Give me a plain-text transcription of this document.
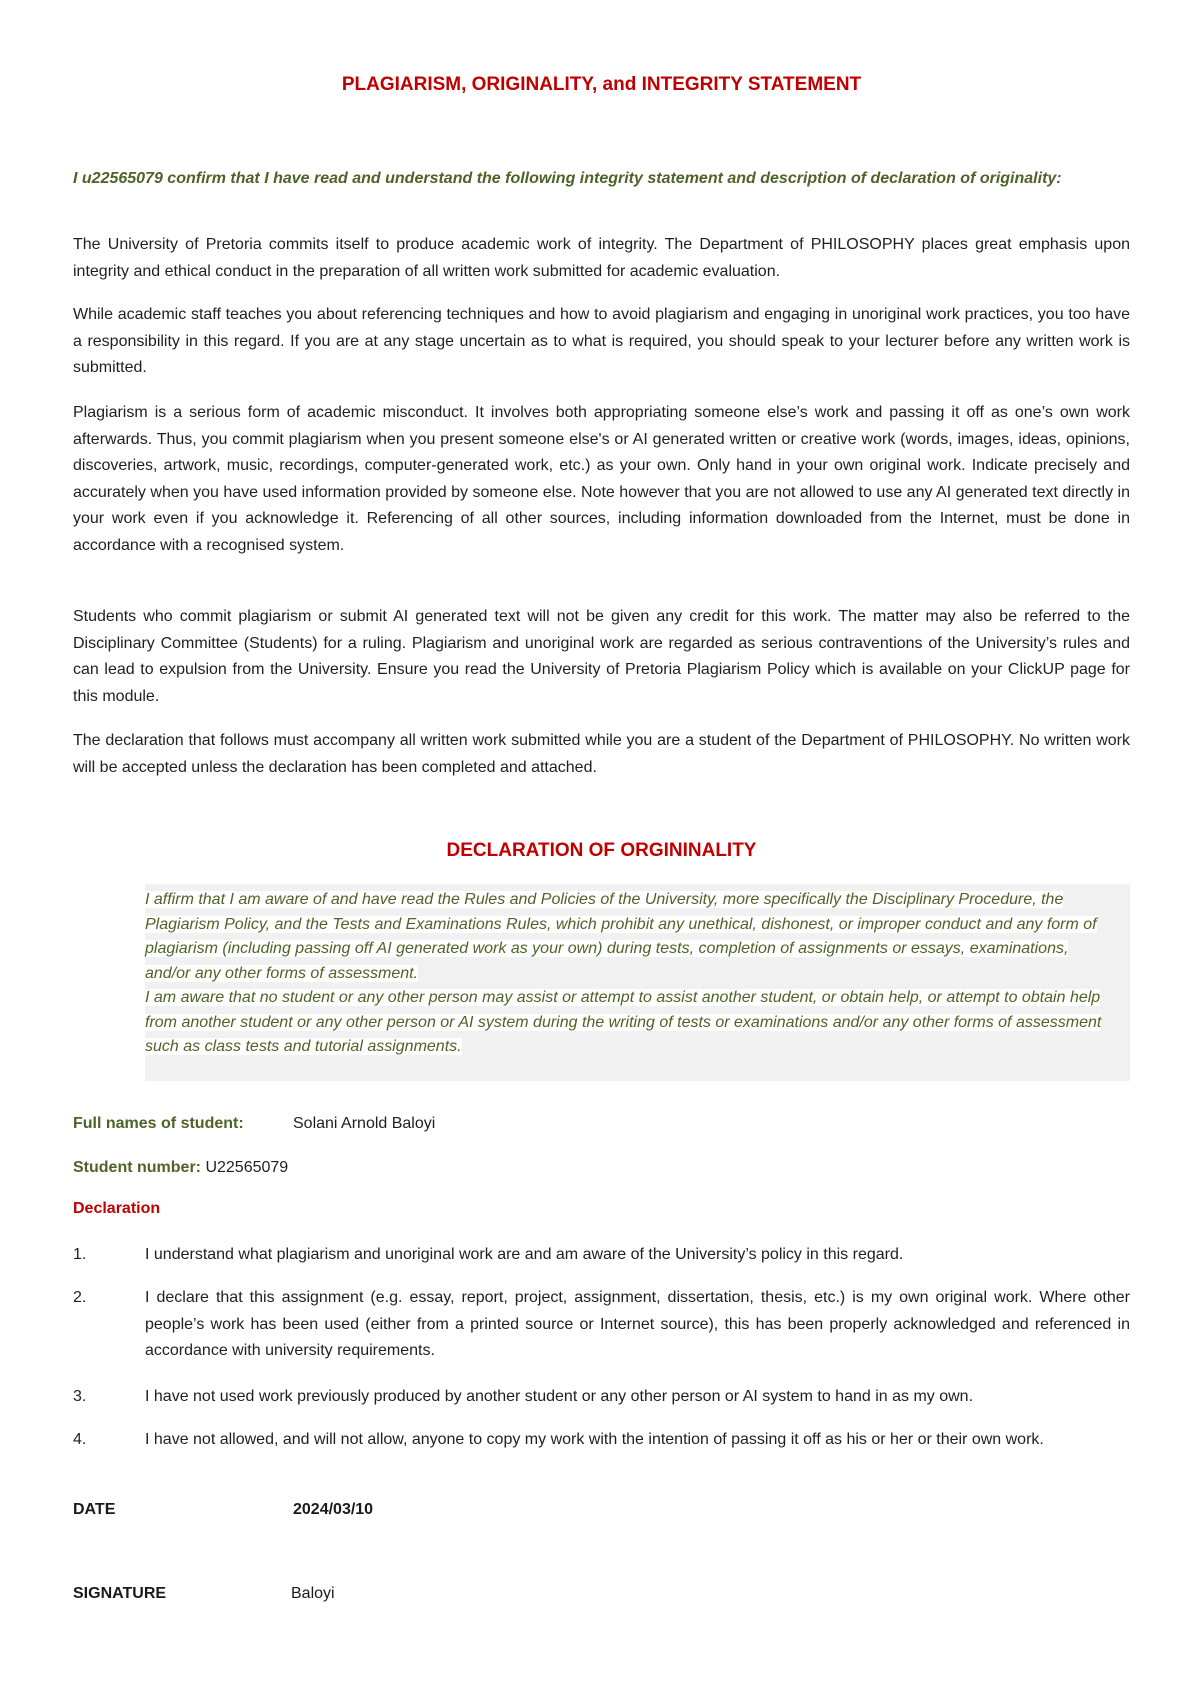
PLAGIARISM, ORIGINALITY, and INTEGRITY STATEMENT

I u22565079 confirm that I have read and understand the following integrity statement and description of declaration of originality:

The University of Pretoria commits itself to produce academic work of integrity. The Department of PHILOSOPHY places great emphasis upon integrity and ethical conduct in the preparation of all written work submitted for academic evaluation.

While academic staff teaches you about referencing techniques and how to avoid plagiarism and engaging in unoriginal work practices, you too have a responsibility in this regard. If you are at any stage uncertain as to what is required, you should speak to your lecturer before any written work is submitted.

Plagiarism is a serious form of academic misconduct. It involves both appropriating someone else’s work and passing it off as one’s own work afterwards. Thus, you commit plagiarism when you present someone else's or AI generated written or creative work (words, images, ideas, opinions, discoveries, artwork, music, recordings, computer-generated work, etc.) as your own. Only hand in your own original work. Indicate precisely and accurately when you have used information provided by someone else. Note however that you are not allowed to use any AI generated text directly in your work even if you acknowledge it. Referencing of all other sources, including information downloaded from the Internet, must be done in accordance with a recognised system.

Students who commit plagiarism or submit AI generated text will not be given any credit for this work. The matter may also be referred to the Disciplinary Committee (Students) for a ruling. Plagiarism and unoriginal work are regarded as serious contraventions of the University’s rules and can lead to expulsion from the University. Ensure you read the University of Pretoria Plagiarism Policy which is available on your ClickUP page for this module.

The declaration that follows must accompany all written work submitted while you are a student of the Department of PHILOSOPHY. No written work will be accepted unless the declaration has been completed and attached.

DECLARATION OF ORGININALITY

I affirm that I am aware of and have read the Rules and Policies of the University, more specifically the Disciplinary Procedure, the Plagiarism Policy, and the Tests and Examinations Rules, which prohibit any unethical, dishonest, or improper conduct and any form of plagiarism (including passing off AI generated work as your own) during tests, completion of assignments or essays, examinations, and/or any other forms of assessment.
I am aware that no student or any other person may assist or attempt to assist another student, or obtain help, or attempt to obtain help from another student or any other person or AI system during the writing of tests or examinations and/or any other forms of assessment such as class tests and tutorial assignments.

Full names of student:	Solani Arnold Baloyi
Student number: U22565079
Declaration
1.	I understand what plagiarism and unoriginal work are and am aware of the University’s policy in this regard.
2.	I declare that this assignment (e.g. essay, report, project, assignment, dissertation, thesis, etc.) is my own original work. Where other people’s work has been used (either from a printed source or Internet source), this has been properly acknowledged and referenced in accordance with university requirements.
3.	I have not used work previously produced by another student or any other person or AI system to hand in as my own.
4.	I have not allowed, and will not allow, anyone to copy my work with the intention of passing it off as his or her or their own work.
DATE	2024/03/10
SIGNATURE	Baloyi
